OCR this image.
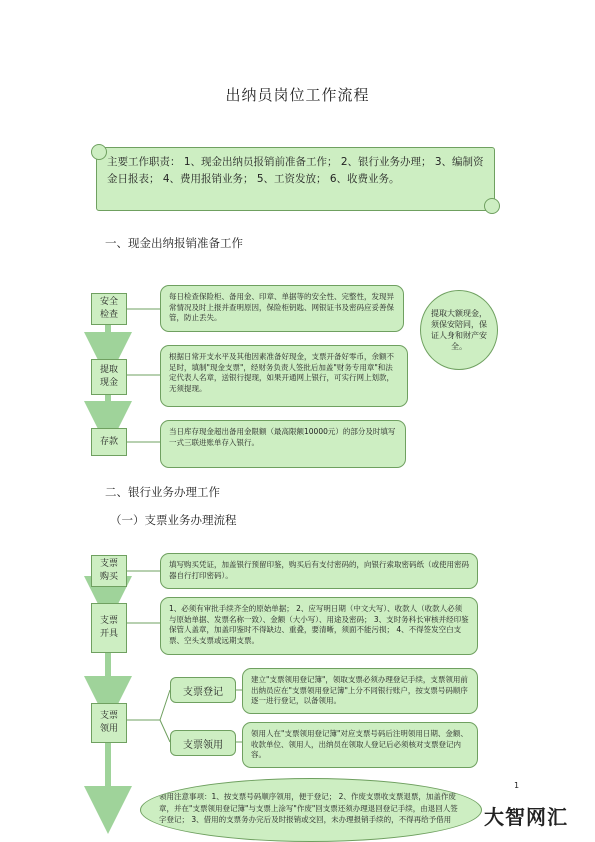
出纳员岗位工作流程
主要工作职责： 1、现金出纳员报销前准备工作； 2、银行业务办理； 3、编制资金日报表； 4、费用报销业务； 5、工资发放； 6、收费业务。
一、现金出纳报销准备工作
安全
检查
每日检查保险柜、备用金、印章、单据等的安全性、完整性，发现异常情况及时上报并查明原因，保险柜钥匙、网银证书及密码应妥善保管，防止丢失。
提取
现金
根据日常开支水平及其他因素准备好现金，支票开备好零币，余额不足时，填制"现金支票"，经财务负责人签批后加盖"财务专用章"和法定代表人名章，送银行提现，如果开通网上银行，可实行网上划款，无须提现。
存款
当日库存现金超出备用金限额（最高限额10000元）的部分及时填写一式三联进账单存入银行。
提取大额现金，须保安陪同，保证人身和财产安全。
二、银行业务办理工作
（一）支票业务办理流程
支票
购买
填写购买凭证，加盖银行预留印鉴，购买后有支付密码的，向银行索取密码纸（或使用密码器自行打印密码）。
支票
开具
1、必须有审批手续齐全的原始单据； 2、应写明日期（中文大写）、收款人（收款人必须与原始单据、发票名称一致）、金额（大小写）、用途及密码； 3、支时务科长审核并经印鉴保管人盖章，加盖印鉴时不得缺边、重叠，要清晰，须面不能污损； 4、不得签发空白支票、空头支票或远期支票。
支票
领用
支票登记
建立"支票领用登记簿"，领取支票必须办理登记手续，支票领用前出纳员应在"支票领用登记簿"上分不同银行账户，按支票号码顺序逐一进行登记，以备领用。
支票领用
领用人在"支票领用登记簿"对应支票号码后注明领用日期、金额、收款单位、领用人，出纳员在领取人登记后必须核对支票登记内容。
领用注意事项：1、按支票号码顺序领用，便于登记； 2、作废支票收支票退票，加盖作废章，并在"支票领用登记簿"与支票上涂写"作废"回支票还须办理退回登记手续，由退回人签字登记； 3、借用的支票务办完后及时报销或交回，未办理报销手续的，不得再给予借用
1
大智网汇
